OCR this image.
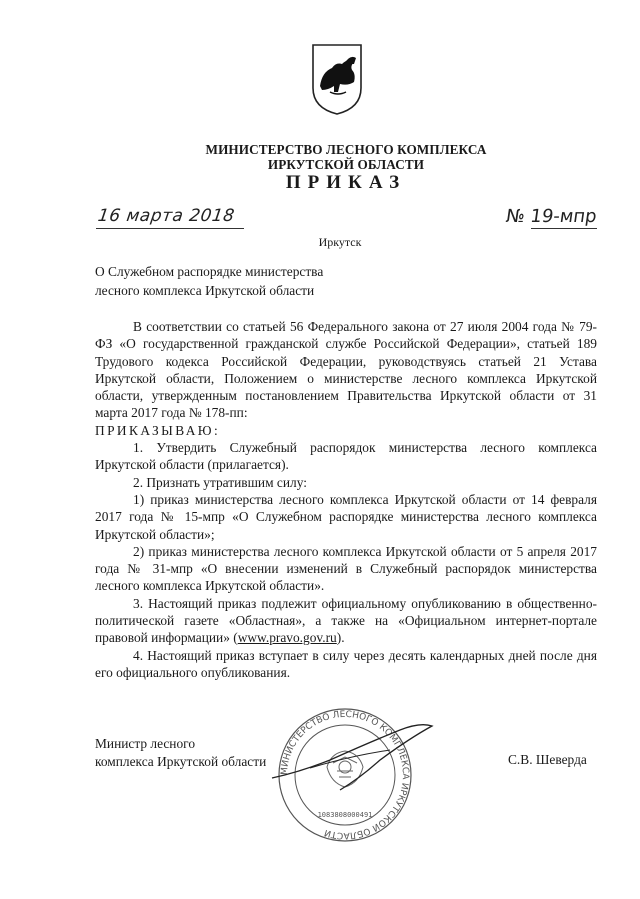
МИНИСТЕРСТВО ЛЕСНОГО КОМПЛЕКСА
ИРКУТСКОЙ ОБЛАСТИ
ПРИКАЗ
16 марта 2018	№ 19-мпр
Иркутск
О Служебном распорядке министерства
лесного комплекса Иркутской области

В соответствии со статьей 56 Федерального закона от 27 июля 2004 года № 79-ФЗ «О государственной гражданской службе Российской Федерации», статьей 189 Трудового кодекса Российской Федерации, руководствуясь статьей 21 Устава Иркутской области, Положением о министерстве лесного комплекса Иркутской области, утвержденным постановлением Правительства Иркутской области от 31 марта 2017 года № 178-пп:

ПРИКАЗЫВАЮ:

1. Утвердить Служебный распорядок министерства лесного комплекса Иркутской области (прилагается).

2. Признать утратившим силу:

1) приказ министерства лесного комплекса Иркутской области от 14 февраля 2017 года № 15-мпр «О Служебном распорядке министерства лесного комплекса Иркутской области»;

2) приказ министерства лесного комплекса Иркутской области от 5 апреля 2017 года № 31-мпр «О внесении изменений в Служебный распорядок министерства лесного комплекса Иркутской области».

3. Настоящий приказ подлежит официальному опубликованию в общественно-политической газете «Областная», а также на «Официальном интернет-портале правовой информации» (www.pravo.gov.ru).

4. Настоящий приказ вступает в силу через десять календарных дней после дня его официального опубликования.

Министр лесного
комплекса Иркутской области	С.В. Шеверда
МИНИСТЕРСТВО ЛЕСНОГО КОМПЛЕКСА ИРКУТСКОЙ ОБЛАСТИ
1083808000491
